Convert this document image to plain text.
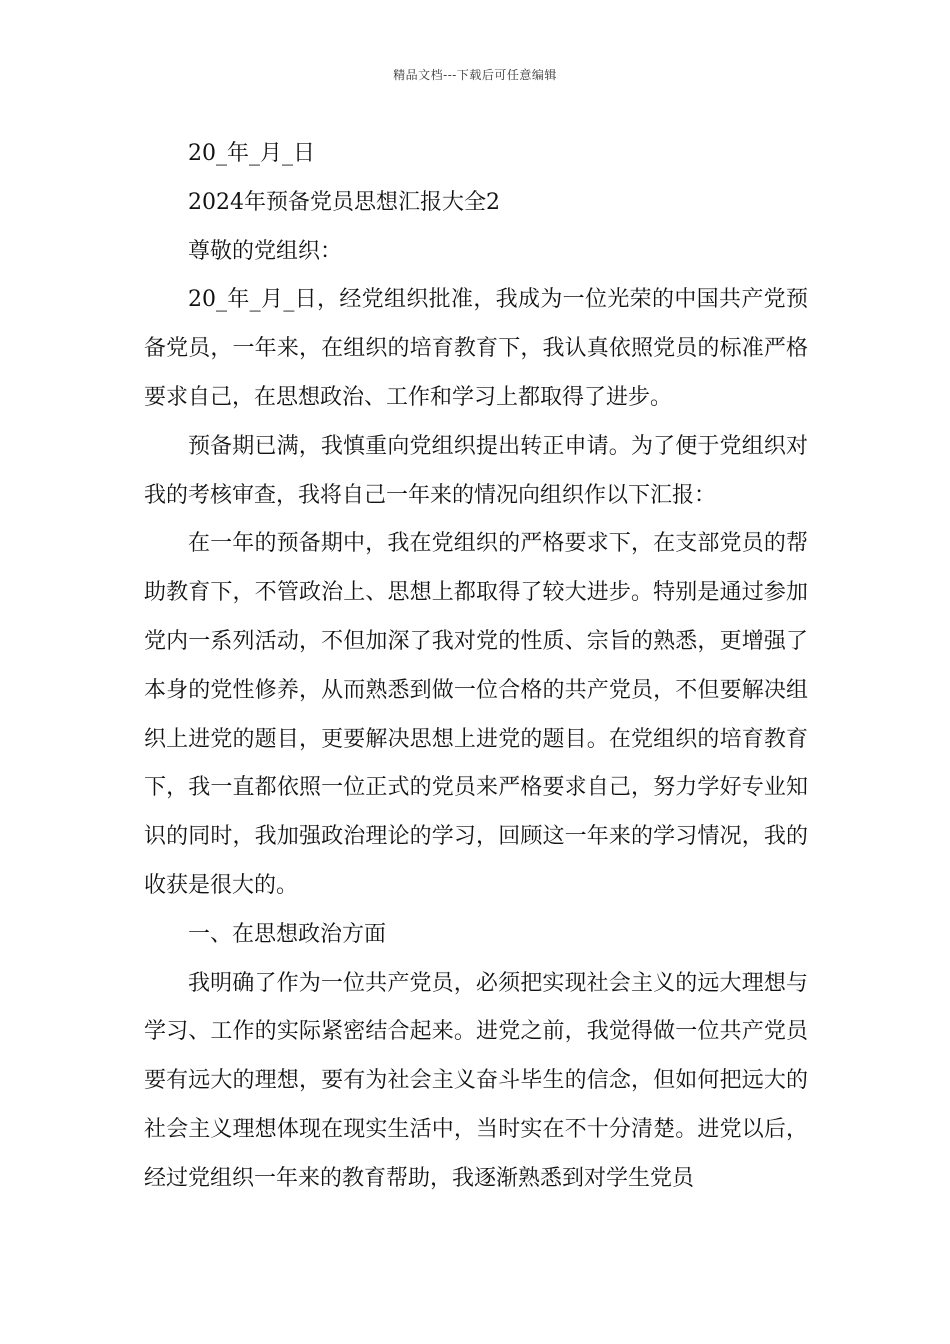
精品文档---下载后可任意编辑

20_年_月_日

2024年预备党员思想汇报大全2

尊敬的党组织：

20_年_月_日，经党组织批准，我成为一位光荣的中国共产党预备党员，一年来，在组织的培育教育下，我认真依照党员的标准严格要求自己，在思想政治、工作和学习上都取得了进步。

预备期已满，我慎重向党组织提出转正申请。为了便于党组织对我的考核审查，我将自己一年来的情况向组织作以下汇报：

在一年的预备期中，我在党组织的严格要求下，在支部党员的帮助教育下，不管政治上、思想上都取得了较大进步。特别是通过参加党内一系列活动，不但加深了我对党的性质、宗旨的熟悉，更增强了本身的党性修养，从而熟悉到做一位合格的共产党员，不但要解决组织上进党的题目，更要解决思想上进党的题目。在党组织的培育教育下，我一直都依照一位正式的党员来严格要求自己，努力学好专业知识的同时，我加强政治理论的学习，回顾这一年来的学习情况，我的收获是很大的。

一、在思想政治方面

我明确了作为一位共产党员，必须把实现社会主义的远大理想与学习、工作的实际紧密结合起来。进党之前，我觉得做一位共产党员要有远大的理想，要有为社会主义奋斗毕生的信念，但如何把远大的社会主义理想体现在现实生活中，当时实在不十分清楚。进党以后，经过党组织一年来的教育帮助，我逐渐熟悉到对学生党员
